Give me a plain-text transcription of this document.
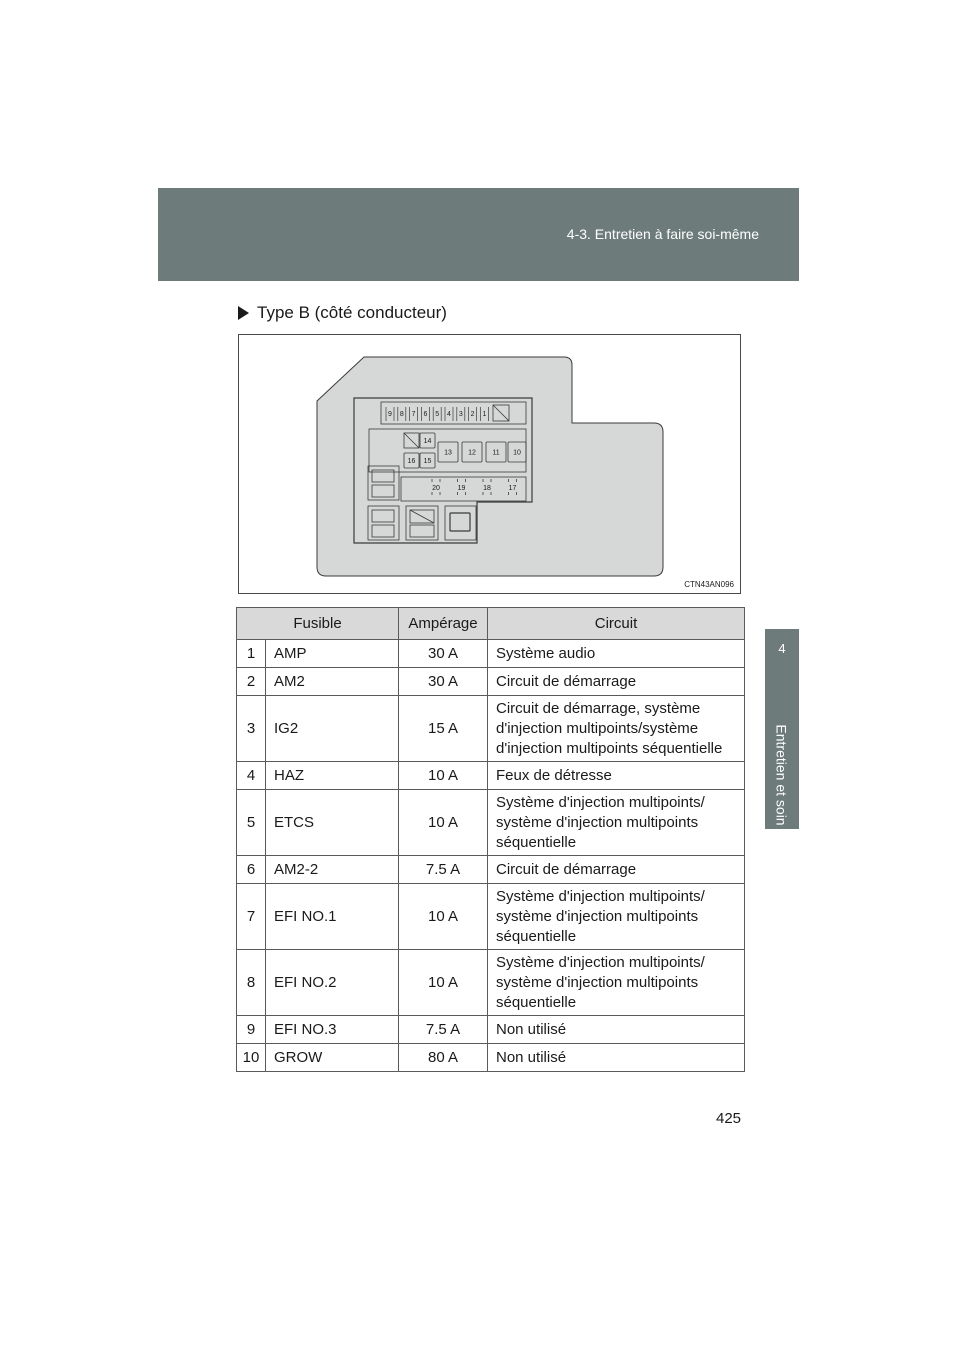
4-3. Entretien à faire soi-même
4
Entretien et soin
Type B (côté conducteur)
9 8 7 6 5 4 3 2 1
14
13 12 11 10
16 15
20	19	18	17
CTN43AN096
Fusible		Ampérage	Circuit
1	AMP	30 A	Système audio
2	AM2	30 A	Circuit de démarrage
3	IG2	15 A	Circuit de démarrage, système d'injection multipoints/système d'injection multipoints séquentielle
4	HAZ	10 A	Feux de détresse
5	ETCS	10 A	Système d'injection multipoints/ système d'injection multipoints séquentielle
6	AM2-2	7.5 A	Circuit de démarrage
7	EFI NO.1	10 A	Système d'injection multipoints/ système d'injection multipoints séquentielle
8	EFI NO.2	10 A	Système d'injection multipoints/ système d'injection multipoints séquentielle
9	EFI NO.3	7.5 A	Non utilisé
10	GROW	80 A	Non utilisé
425
